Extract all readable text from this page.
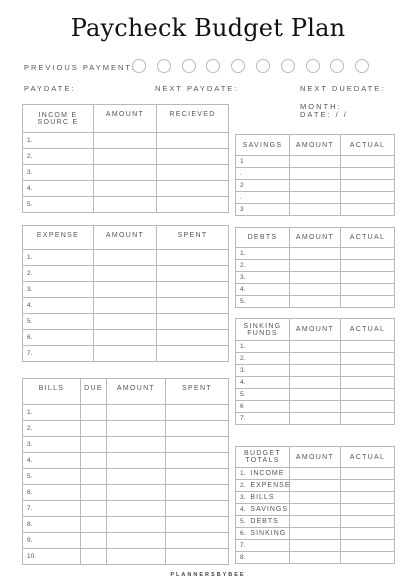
Paycheck Budget Plan
PREVIOUS PAYMENT:
PAYDATE:	NEXT PAYDATE:	NEXT DUEDATE:
MONTH:
DATE: / /
INCOM E SOURC E	AMOUNT	RECIEVED
1.		
2.		
3.		
4.		
5.		
EXPENSE	AMOUNT	SPENT
1.		
2.		
3.		
4.		
5.		
6.		
7.		
BILLS	DUE	AMOUNT	SPENT
1.			
2.			
3.			
4.			
5.			
6.			
7.			
8.			
9.			
10.			
SAVINGS	AMOUNT	ACTUAL
1		
.		
2		
.		
3		
DEBTS	AMOUNT	ACTUAL
1.		
2.		
3.		
4.		
5.		
SINKING FUNDS	AMOUNT	ACTUAL
1.		
2.		
3.		
4.		
5.		
6		
7.		
BUDGET TOTALS	AMOUNT	ACTUAL
1. INCOME		
2. EXPENSE		
3. BILLS		
4. SAVINGS		
5. DEBTS		
6. SINKING		
7.		
8.		
PLANNERSBYBEE
